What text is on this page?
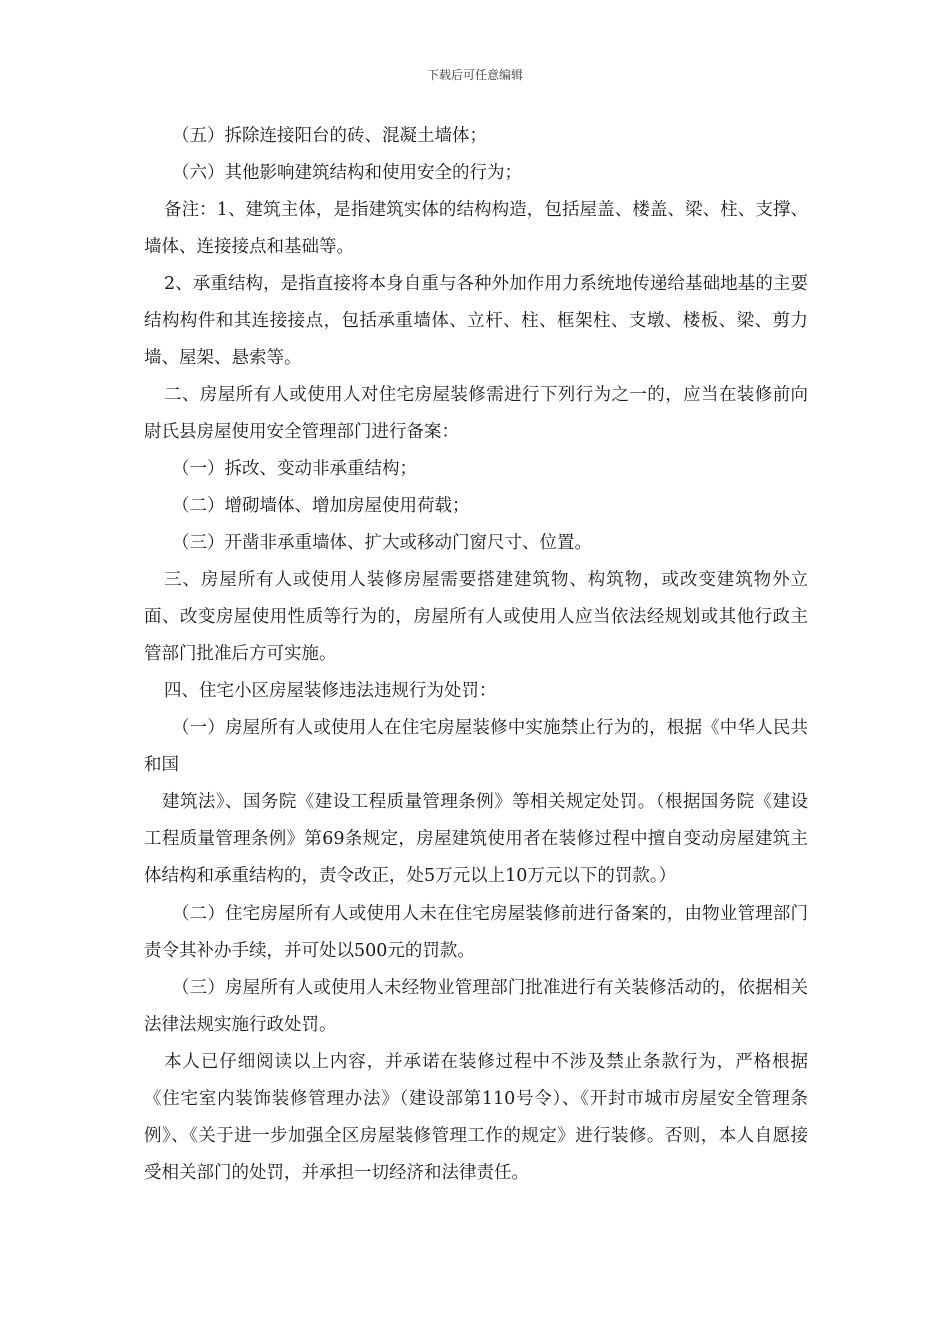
下载后可任意编辑

（五）拆除连接阳台的砖、混凝土墙体；

（六）其他影响建筑结构和使用安全的行为；

备注：1、建筑主体，是指建筑实体的结构构造，包括屋盖、楼盖、梁、柱、支撑、墙体、连接接点和基础等。

2、承重结构，是指直接将本身自重与各种外加作用力系统地传递给基础地基的主要结构构件和其连接接点，包括承重墙体、立杆、柱、框架柱、支墩、楼板、梁、剪力墙、屋架、悬索等。

二、房屋所有人或使用人对住宅房屋装修需进行下列行为之一的，应当在装修前向尉氏县房屋使用安全管理部门进行备案：

（一）拆改、变动非承重结构；

（二）增砌墙体、增加房屋使用荷载；

（三）开凿非承重墙体、扩大或移动门窗尺寸、位置。

三、房屋所有人或使用人装修房屋需要搭建建筑物、构筑物，或改变建筑物外立面、改变房屋使用性质等行为的，房屋所有人或使用人应当依法经规划或其他行政主管部门批准后方可实施。

四、住宅小区房屋装修违法违规行为处罚：

（一）房屋所有人或使用人在住宅房屋装修中实施禁止行为的，根据《中华人民共和国

建筑法》、国务院《建设工程质量管理条例》等相关规定处罚。（根据国务院《建设工程质量管理条例》第69条规定，房屋建筑使用者在装修过程中擅自变动房屋建筑主体结构和承重结构的，责令改正，处5万元以上10万元以下的罚款。）

（二）住宅房屋所有人或使用人未在住宅房屋装修前进行备案的，由物业管理部门责令其补办手续，并可处以500元的罚款。

（三）房屋所有人或使用人未经物业管理部门批准进行有关装修活动的，依据相关法律法规实施行政处罚。

本人已仔细阅读以上内容，并承诺在装修过程中不涉及禁止条款行为，严格根据《住宅室内装饰装修管理办法》（建设部第110号令）、《开封市城市房屋安全管理条例》、《关于进一步加强全区房屋装修管理工作的规定》进行装修。否则，本人自愿接受相关部门的处罚，并承担一切经济和法律责任。
